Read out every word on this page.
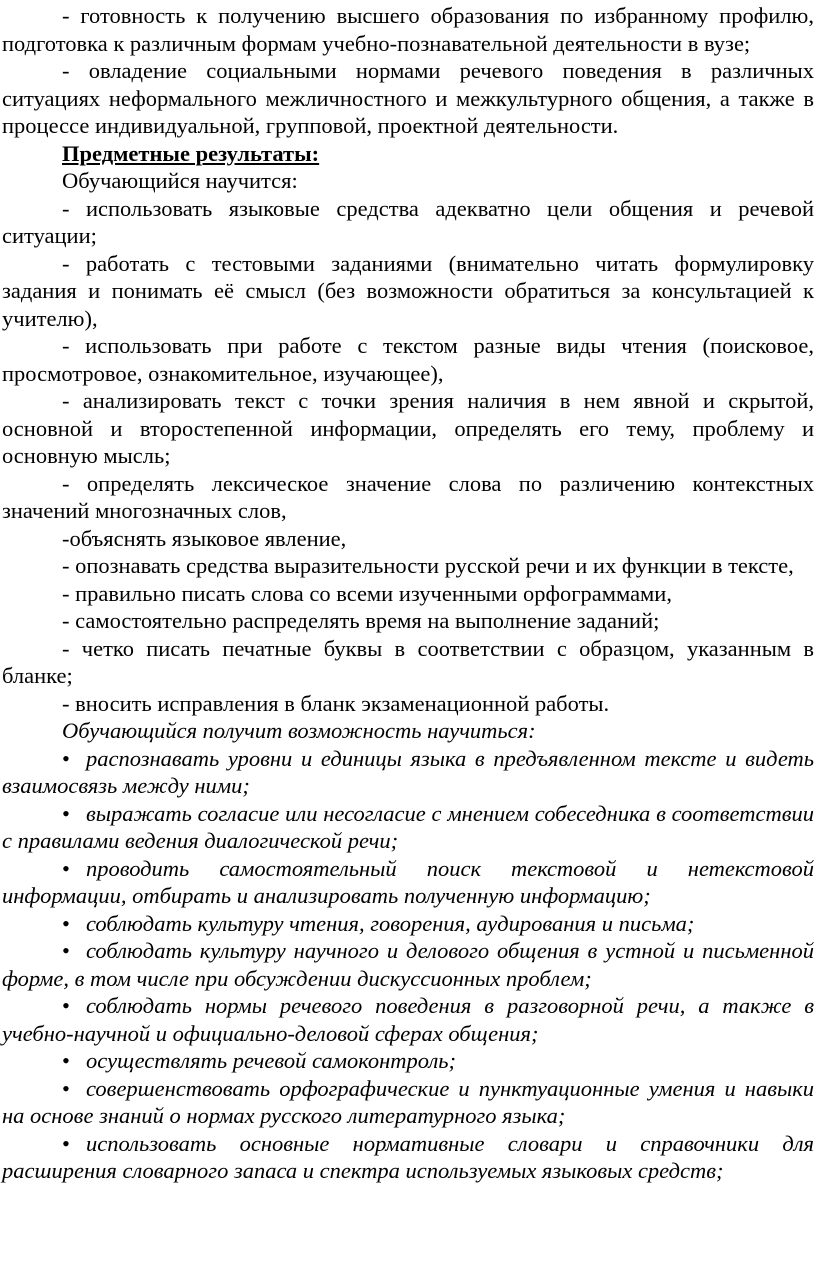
- готовность к получению высшего образования по избранному профилю, подготовка к различным формам учебно-познавательной деятельности в вузе;

- овладение социальными нормами речевого поведения в различных ситуациях неформального межличностного и межкультурного общения, а также в процессе индивидуальной, групповой, проектной деятельности.

Предметные результаты:

Обучающийся научится:

- использовать языковые средства адекватно цели общения и речевой ситуации;

- работать с тестовыми заданиями (внимательно читать формулировку задания и понимать её смысл (без возможности обратиться за консультацией к учителю),

- использовать при работе с текстом разные виды чтения (поисковое, просмотровое, ознакомительное, изучающее),

- анализировать текст с точки зрения наличия в нем явной и скрытой, основной и второстепенной информации, определять его тему, проблему и основную мысль;

- определять лексическое значение слова по различению контекстных значений многозначных слов,

-объяснять языковое явление,

- опознавать средства выразительности русской речи и их функции в тексте,

- правильно писать слова со всеми изученными орфограммами,

- самостоятельно распределять время на выполнение заданий;

- четко писать печатные буквы в соответствии с образцом, указанным в бланке;

- вносить исправления в бланк экзаменационной работы.

Обучающийся получит возможность научиться:

• распознавать уровни и единицы языка в предъявленном тексте и видеть взаимосвязь между ними;

• выражать согласие или несогласие с мнением собеседника в соответствии с правилами ведения диалогической речи;

• проводить самостоятельный поиск текстовой и нетекстовой информации, отбирать и анализировать полученную информацию;

• соблюдать культуру чтения, говорения, аудирования и письма;

• соблюдать культуру научного и делового общения в устной и письменной форме, в том числе при обсуждении дискуссионных проблем;

• соблюдать нормы речевого поведения в разговорной речи, а также в учебно-научной и официально-деловой сферах общения;

• осуществлять речевой самоконтроль;

• совершенствовать орфографические и пунктуационные умения и навыки на основе знаний о нормах русского литературного языка;

• использовать основные нормативные словари и справочники для расширения словарного запаса и спектра используемых языковых средств;
